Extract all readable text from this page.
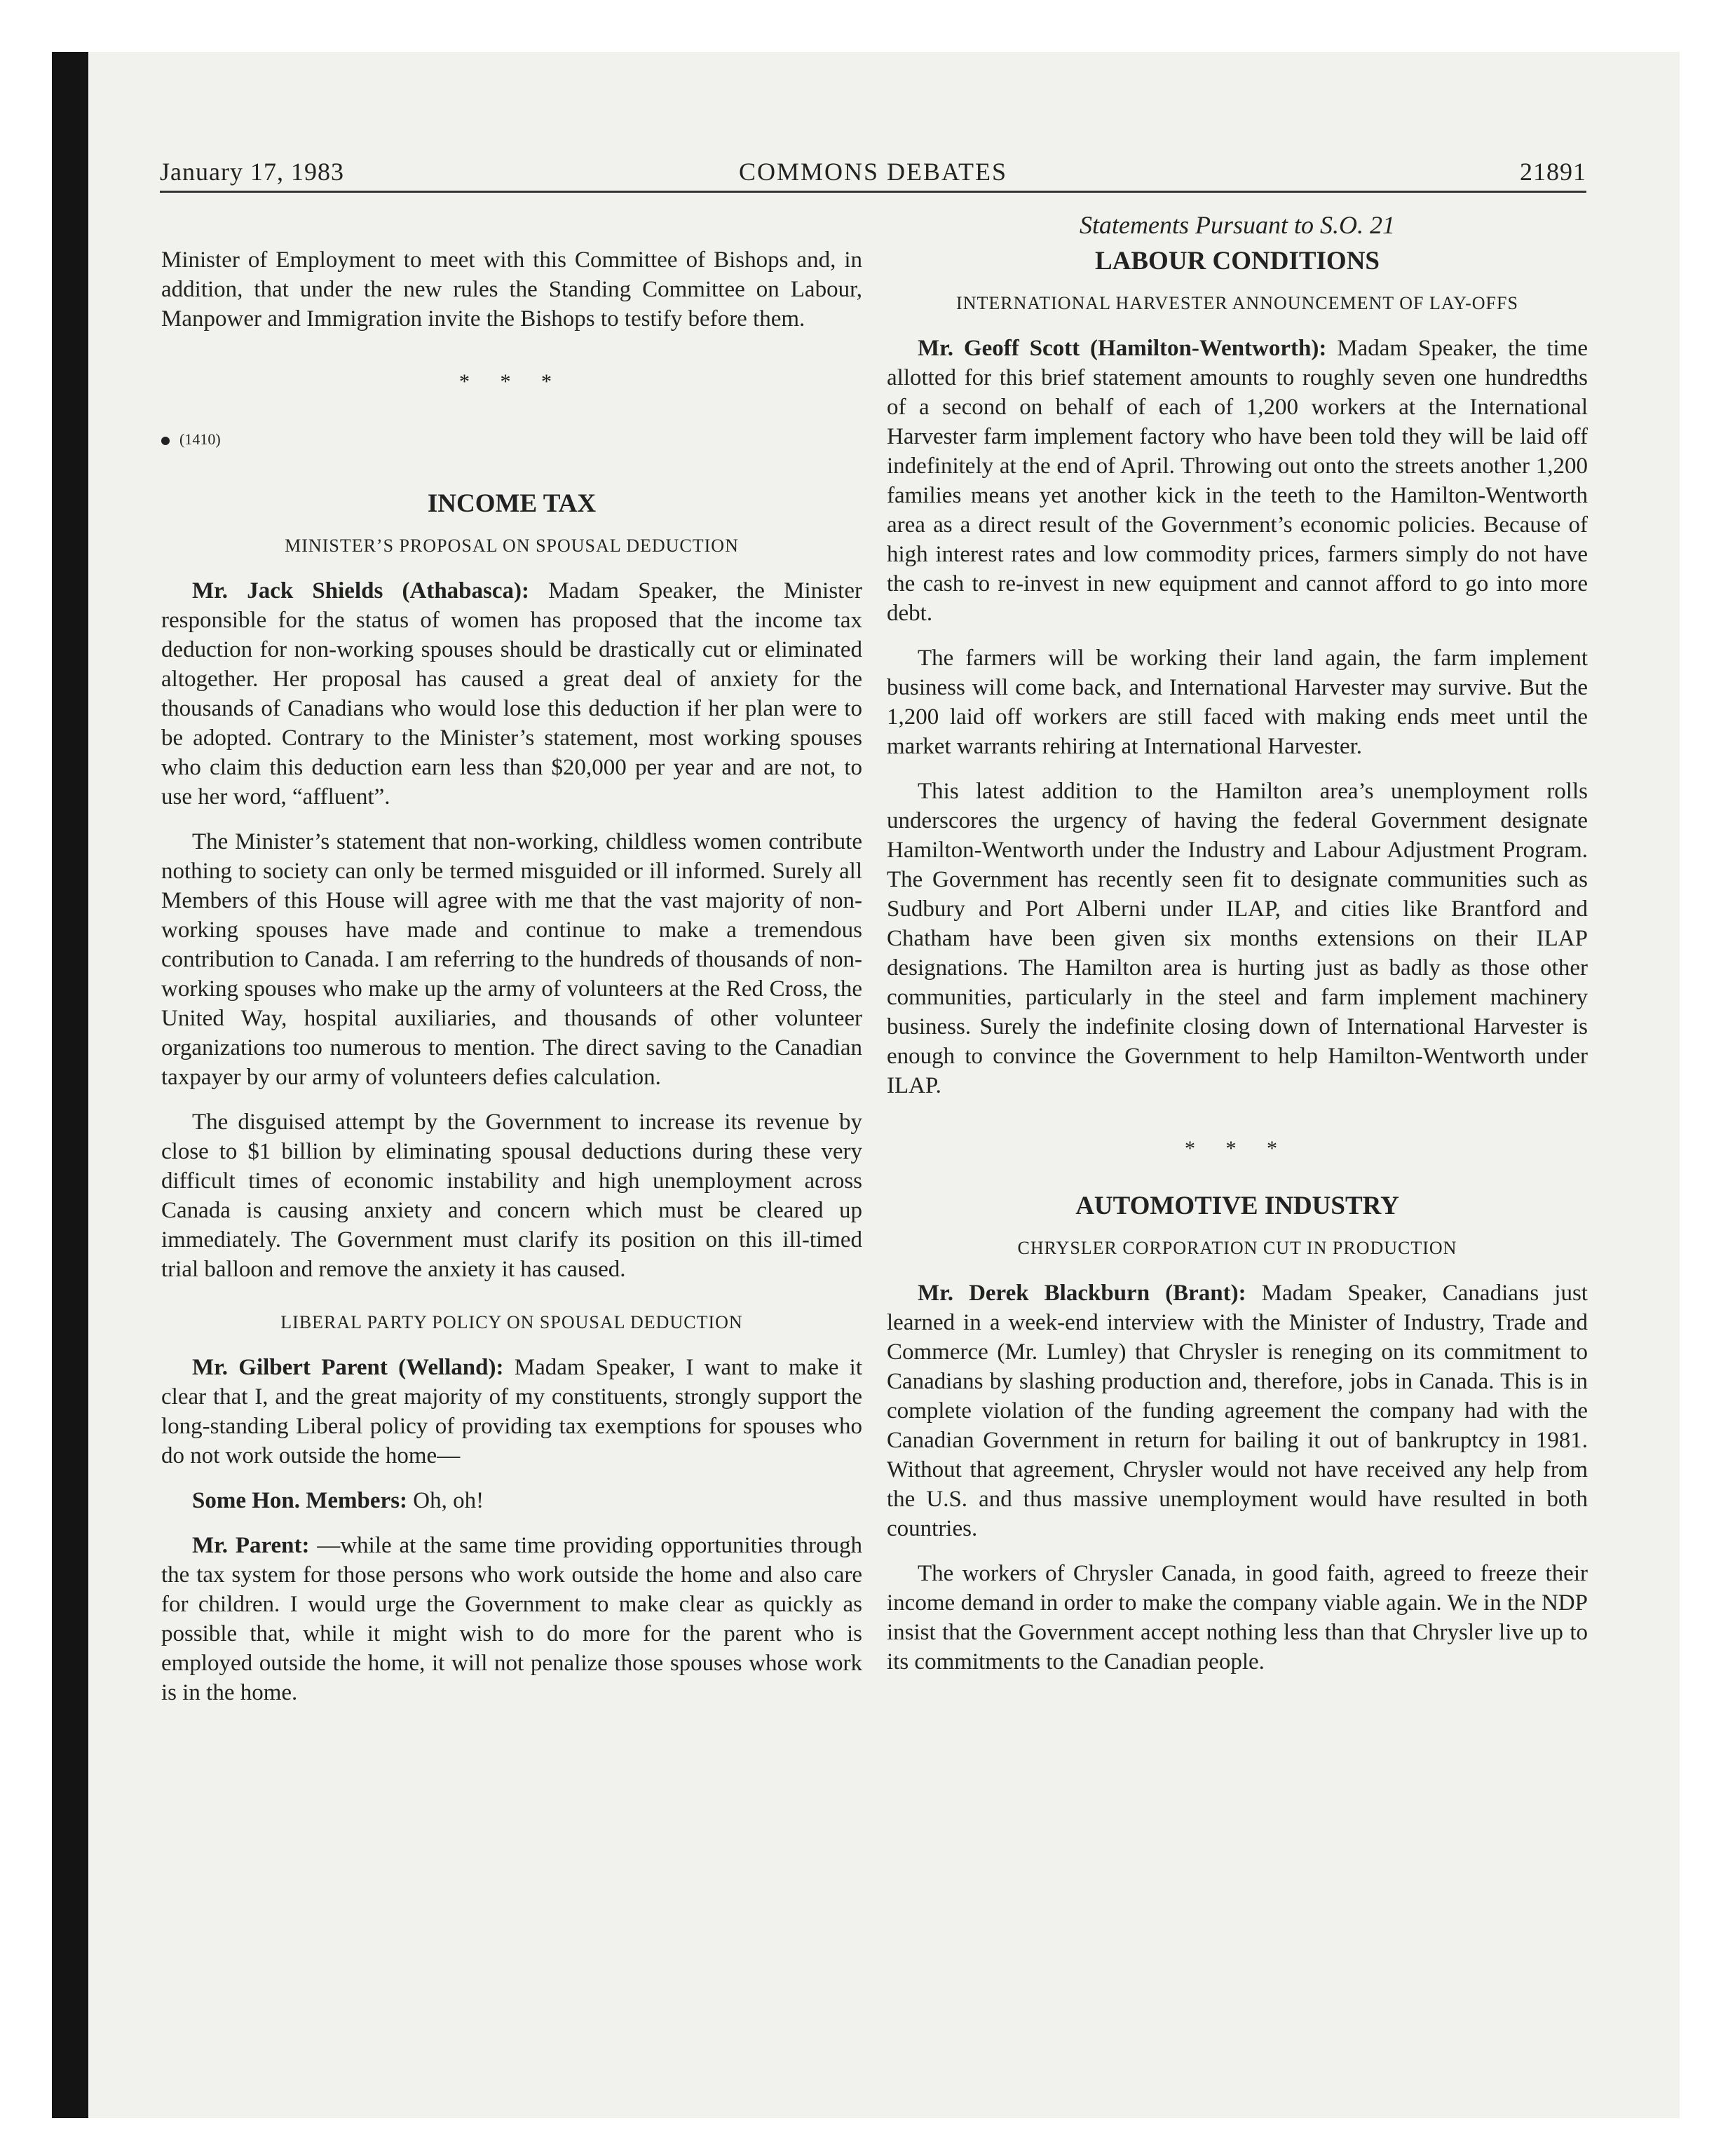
January 17, 1983	COMMONS DEBATES	21891

Minister of Employment to meet with this Committee of Bishops and, in addition, that under the new rules the Standing Committee on Labour, Manpower and Immigration invite the Bishops to testify before them.

* * *
(1410)
INCOME TAX
MINISTER’S PROPOSAL ON SPOUSAL DEDUCTION

Mr. Jack Shields (Athabasca): Madam Speaker, the Minister responsible for the status of women has proposed that the income tax deduction for non-working spouses should be drastically cut or eliminated altogether. Her proposal has caused a great deal of anxiety for the thousands of Canadians who would lose this deduction if her plan were to be adopted. Contrary to the Minister’s statement, most working spouses who claim this deduction earn less than $20,000 per year and are not, to use her word, “affluent”.

The Minister’s statement that non-working, childless women contribute nothing to society can only be termed misguided or ill informed. Surely all Members of this House will agree with me that the vast majority of non-working spouses have made and continue to make a tremendous contribution to Canada. I am referring to the hundreds of thousands of non-working spouses who make up the army of volunteers at the Red Cross, the United Way, hospital auxiliaries, and thousands of other volunteer organizations too numerous to mention. The direct saving to the Canadian taxpayer by our army of volunteers defies calculation.

The disguised attempt by the Government to increase its revenue by close to $1 billion by eliminating spousal deductions during these very difficult times of economic instability and high unemployment across Canada is causing anxiety and concern which must be cleared up immediately. The Government must clarify its position on this ill-timed trial balloon and remove the anxiety it has caused.

LIBERAL PARTY POLICY ON SPOUSAL DEDUCTION

Mr. Gilbert Parent (Welland): Madam Speaker, I want to make it clear that I, and the great majority of my constituents, strongly support the long-standing Liberal policy of providing tax exemptions for spouses who do not work outside the home—

Some Hon. Members: Oh, oh!

Mr. Parent: —while at the same time providing opportunities through the tax system for those persons who work outside the home and also care for children. I would urge the Government to make clear as quickly as possible that, while it might wish to do more for the parent who is employed outside the home, it will not penalize those spouses whose work is in the home.

Statements Pursuant to S.O. 21
LABOUR CONDITIONS
INTERNATIONAL HARVESTER ANNOUNCEMENT OF LAY-OFFS

Mr. Geoff Scott (Hamilton-Wentworth): Madam Speaker, the time allotted for this brief statement amounts to roughly seven one hundredths of a second on behalf of each of 1,200 workers at the International Harvester farm implement factory who have been told they will be laid off indefinitely at the end of April. Throwing out onto the streets another 1,200 families means yet another kick in the teeth to the Hamilton-Wentworth area as a direct result of the Government’s economic policies. Because of high interest rates and low commodity prices, farmers simply do not have the cash to re-invest in new equipment and cannot afford to go into more debt.

The farmers will be working their land again, the farm implement business will come back, and International Harvester may survive. But the 1,200 laid off workers are still faced with making ends meet until the market warrants rehiring at International Harvester.

This latest addition to the Hamilton area’s unemployment rolls underscores the urgency of having the federal Government designate Hamilton-Wentworth under the Industry and Labour Adjustment Program. The Government has recently seen fit to designate communities such as Sudbury and Port Alberni under ILAP, and cities like Brantford and Chatham have been given six months extensions on their ILAP designations. The Hamilton area is hurting just as badly as those other communities, particularly in the steel and farm implement machinery business. Surely the indefinite closing down of International Harvester is enough to convince the Government to help Hamilton-Wentworth under ILAP.

* * *
AUTOMOTIVE INDUSTRY
CHRYSLER CORPORATION CUT IN PRODUCTION

Mr. Derek Blackburn (Brant): Madam Speaker, Canadians just learned in a week-end interview with the Minister of Industry, Trade and Commerce (Mr. Lumley) that Chrysler is reneging on its commitment to Canadians by slashing production and, therefore, jobs in Canada. This is in complete violation of the funding agreement the company had with the Canadian Government in return for bailing it out of bankruptcy in 1981. Without that agreement, Chrysler would not have received any help from the U.S. and thus massive unemployment would have resulted in both countries.

The workers of Chrysler Canada, in good faith, agreed to freeze their income demand in order to make the company viable again. We in the NDP insist that the Government accept nothing less than that Chrysler live up to its commitments to the Canadian people.
